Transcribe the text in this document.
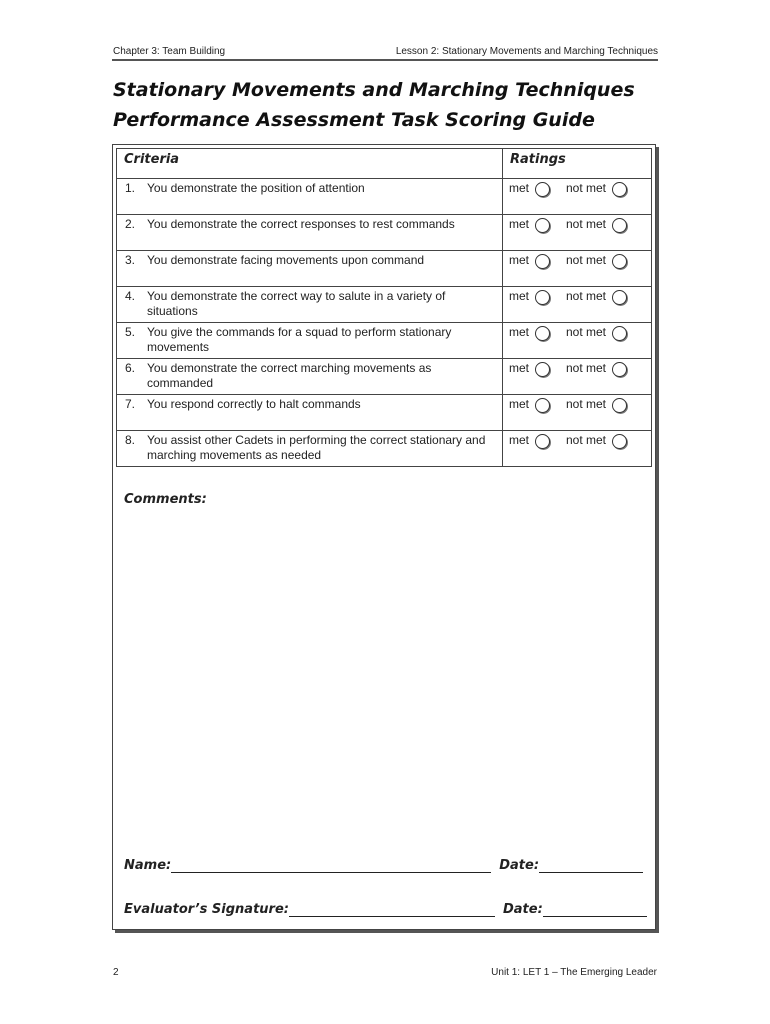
Chapter 3: Team Building	Lesson 2: Stationary Movements and Marching Techniques
Stationary Movements and Marching Techniques
Performance Assessment Task Scoring Guide
Criteria	Ratings

1. You demonstrate the position of attention	met not met

2. You demonstrate the correct responses to rest commands	met not met

3. You demonstrate facing movements upon command	met not met

4. You demonstrate the correct way to salute in a variety of situations	met not met

5. You give the commands for a squad to perform stationary movements	met not met

6. You demonstrate the correct marching movements as commanded	met not met

7. You respond correctly to halt commands	met not met

8. You assist other Cadets in performing the correct stationary and marching movements as needed	met not met
Comments:
Name:	Date:
Evaluator’s Signature:	Date:
2	Unit 1: LET 1 – The Emerging Leader
